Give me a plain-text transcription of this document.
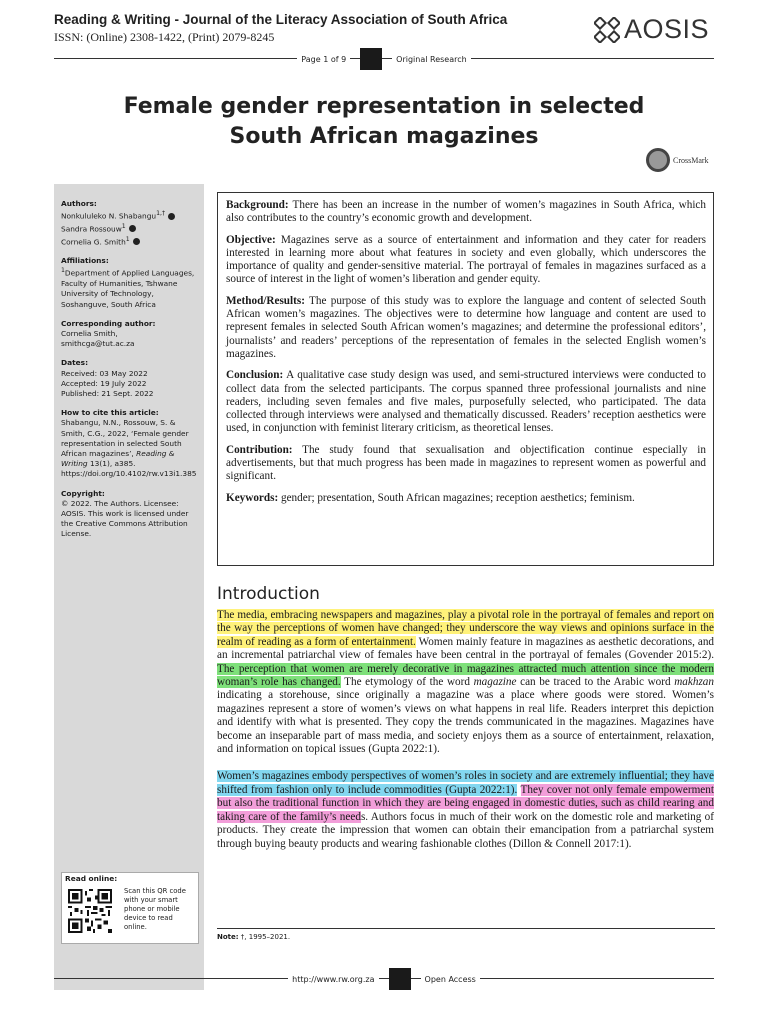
Reading & Writing - Journal of the Literacy Association of South Africa
ISSN: (Online) 2308-1422, (Print) 2079-8245	AOSIS
Page 1 of 9	Original Research
Female gender representation in selected
South African magazines
CrossMark
Authors:
Nonkululeko N. Shabangu$^{1,\dagger}$
Sandra Rossouw$^1$
Cornelia G. Smith$^1$
Affiliations:
$^1$Department of Applied Languages, Faculty of Humanities, Tshwane University of Technology, Soshanguve, South Africa
Corresponding author:
Cornelia Smith,
smithcga@tut.ac.za
Dates:
Received: 03 May 2022
Accepted: 19 July 2022
Published: 21 Sept. 2022
How to cite this article:
Shabangu, N.N., Rossouw, S. & Smith, C.G., 2022, ‘Female gender representation in selected South African magazines’, Reading & Writing 13(1), a385. https://doi.org/10.4102/rw.v13i1.385
Copyright:
© 2022. The Authors. Licensee: AOSIS. This work is licensed under the Creative Commons Attribution License.
Read online:
Scan this QR code with your smart phone or mobile device to read online.

Background: There has been an increase in the number of women’s magazines in South Africa, which also contributes to the country’s economic growth and development.

Objective: Magazines serve as a source of entertainment and information and they cater for readers interested in learning more about what features in society and even globally, which underscores the importance of quality and gender-sensitive material. The portrayal of females in magazines surfaced as a source of interest in the light of women’s liberation and gender equity.

Method/Results: The purpose of this study was to explore the language and content of selected South African women’s magazines. The objectives were to determine how language and content are used to represent females in selected South African women’s magazines; and determine the professional editors’, journalists’ and readers’ perceptions of the representation of females in the selected English women’s magazines.

Conclusion: A qualitative case study design was used, and semi-structured interviews were conducted to collect data from the selected participants. The corpus spanned three professional journalists and nine readers, including seven females and five males, purposefully selected, who participated. The data collected through interviews were analysed and thematically discussed. Readers’ reception aesthetics were used, in conjunction with feminist literary criticism, as theoretical lenses.

Contribution: The study found that sexualisation and objectification continue especially in advertisements, but that much progress has been made in magazines to represent women as powerful and significant.

Keywords: gender; presentation, South African magazines; reception aesthetics; feminism.

Introduction

The media, embracing newspapers and magazines, play a pivotal role in the portrayal of females and report on the way the perceptions of women have changed; they underscore the way views and opinions surface in the realm of reading as a form of entertainment. Women mainly feature in magazines as aesthetic decorations, and an incremental patriarchal view of females have been central in the portrayal of females (Govender 2015:2). The perception that women are merely decorative in magazines attracted much attention since the modern woman’s role has changed. The etymology of the word magazine can be traced to the Arabic word makhzan indicating a storehouse, since originally a magazine was a place where goods were stored. Women’s magazines represent a store of women’s views on what happens in real life. Readers interpret this depiction and identify with what is presented. They copy the trends communicated in the magazines. Magazines have become an inseparable part of mass media, and society enjoys them as a source of entertainment, relaxation, and information on topical issues (Gupta 2022:1).

Women’s magazines embody perspectives of women’s roles in society and are extremely influential; they have shifted from fashion only to include commodities (Gupta 2022:1). They cover not only female empowerment but also the traditional function in which they are being engaged in domestic duties, such as child rearing and taking care of the family’s needs. Authors focus in much of their work on the domestic role and marketing of products. They create the impression that women can obtain their emancipation from a patriarchal system through buying beauty products and wearing fashionable clothes (Dillon & Connell 2017:1).

Note: †, 1995–2021.
http://www.rw.org.za	Open Access
